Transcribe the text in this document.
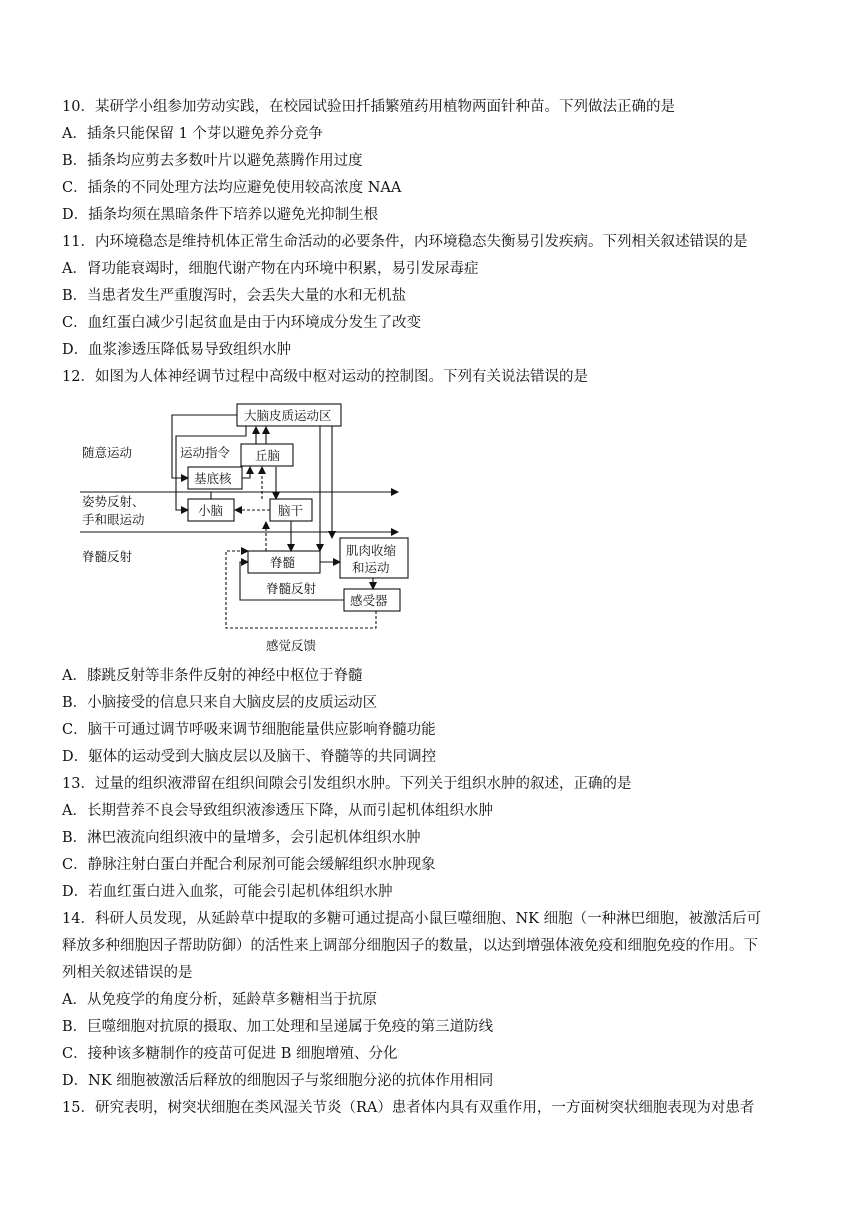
10．某研学小组参加劳动实践，在校园试验田扦插繁殖药用植物两面针种苗。下列做法正确的是
A．插条只能保留 1 个芽以避免养分竞争
B．插条均应剪去多数叶片以避免蒸腾作用过度
C．插条的不同处理方法均应避免使用较高浓度 NAA
D．插条均须在黑暗条件下培养以避免光抑制生根
11．内环境稳态是维持机体正常生命活动的必要条件，内环境稳态失衡易引发疾病。下列相关叙述错误的是
A．肾功能衰竭时，细胞代谢产物在内环境中积累，易引发尿毒症
B．当患者发生严重腹泻时，会丢失大量的水和无机盐
C．血红蛋白减少引起贫血是由于内环境成分发生了改变
D．血浆渗透压降低易导致组织水肿
12．如图为人体神经调节过程中高级中枢对运动的控制图。下列有关说法错误的是
随意运动
姿势反射、
手和眼运动
脊髓反射
大脑皮质运动区
丘脑
基底核
小脑	脑干
脊髓
肌肉收缩
和运动
感受器
运动指令
脊髓反射
感觉反馈
A．膝跳反射等非条件反射的神经中枢位于脊髓
B．小脑接受的信息只来自大脑皮层的皮质运动区
C．脑干可通过调节呼吸来调节细胞能量供应影响脊髓功能
D．躯体的运动受到大脑皮层以及脑干、脊髓等的共同调控
13．过量的组织液滞留在组织间隙会引发组织水肿。下列关于组织水肿的叙述，正确的是
A．长期营养不良会导致组织液渗透压下降，从而引起机体组织水肿
B．淋巴液流向组织液中的量增多，会引起机体组织水肿
C．静脉注射白蛋白并配合利尿剂可能会缓解组织水肿现象
D．若血红蛋白进入血浆，可能会引起机体组织水肿
14．科研人员发现，从延龄草中提取的多糖可通过提高小鼠巨噬细胞、NK 细胞（一种淋巴细胞，被激活后可
释放多种细胞因子帮助防御）的活性来上调部分细胞因子的数量，以达到增强体液免疫和细胞免疫的作用。下
列相关叙述错误的是
A．从免疫学的角度分析，延龄草多糖相当于抗原
B．巨噬细胞对抗原的摄取、加工处理和呈递属于免疫的第三道防线
C．接种该多糖制作的疫苗可促进 B 细胞增殖、分化
D．NK 细胞被激活后释放的细胞因子与浆细胞分泌的抗体作用相同
15．研究表明，树突状细胞在类风湿关节炎（RA）患者体内具有双重作用，一方面树突状细胞表现为对患者
